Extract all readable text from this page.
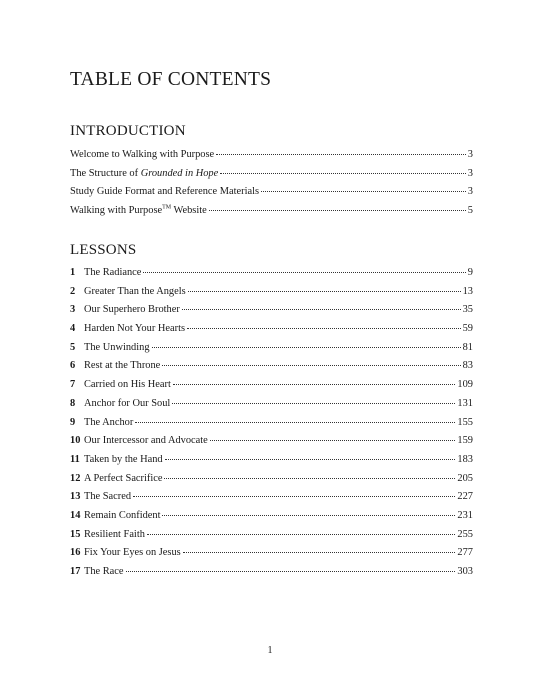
TABLE OF CONTENTS
INTRODUCTION
Welcome to Walking with Purpose	3
The Structure of Grounded in Hope	3
Study Guide Format and Reference Materials	3
Walking with Purpose™ Website	5
LESSONS
1 The Radiance	9
2 Greater Than the Angels	13
3 Our Superhero Brother	35
4 Harden Not Your Hearts	59
5 The Unwinding	81
6 Rest at the Throne	83
7 Carried on His Heart	109
8 Anchor for Our Soul	131
9 The Anchor	155
10 Our Intercessor and Advocate	159
11 Taken by the Hand	183
12 A Perfect Sacrifice	205
13 The Sacred	227
14 Remain Confident	231
15 Resilient Faith	255
16 Fix Your Eyes on Jesus	277
17 The Race	303
1
